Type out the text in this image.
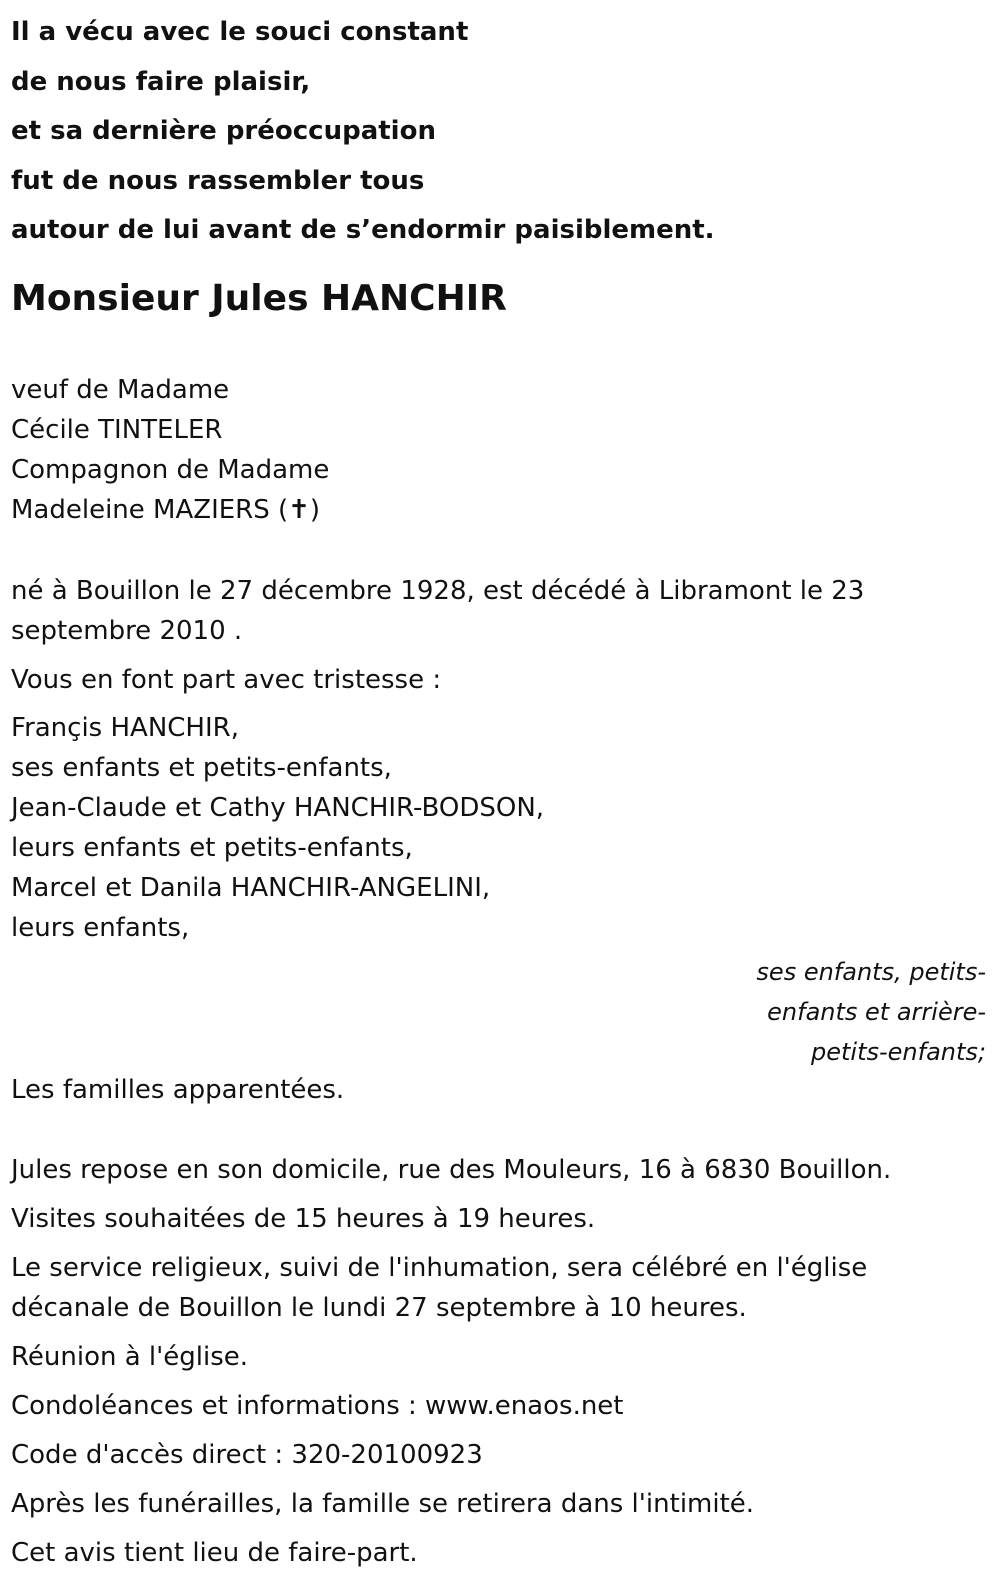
Il a vécu avec le souci constant
de nous faire plaisir,
et sa dernière préoccupation
fut de nous rassembler tous
autour de lui avant de s’endormir paisiblement.
Monsieur Jules HANCHIR
veuf de Madame
Cécile TINTELER
Compagnon de Madame
Madeleine MAZIERS (✝)
né à Bouillon le 27 décembre 1928, est décédé à Libramont le 23 septembre 2010 .
Vous en font part avec tristesse :
Françis HANCHIR,
ses enfants et petits-enfants,
Jean-Claude et Cathy HANCHIR-BODSON,
leurs enfants et petits-enfants,
Marcel et Danila HANCHIR-ANGELINI,
leurs enfants,
ses enfants, petits-
enfants et arrière-
petits-enfants;
Les familles apparentées.
Jules repose en son domicile, rue des Mouleurs, 16 à 6830 Bouillon.
Visites souhaitées de 15 heures à 19 heures.
Le service religieux, suivi de l'inhumation, sera célébré en l'église décanale de Bouillon le lundi 27 septembre à 10 heures.
Réunion à l'église.
Condoléances et informations : www.enaos.net
Code d'accès direct : 320-20100923
Après les funérailles, la famille se retirera dans l'intimité.
Cet avis tient lieu de faire-part.
